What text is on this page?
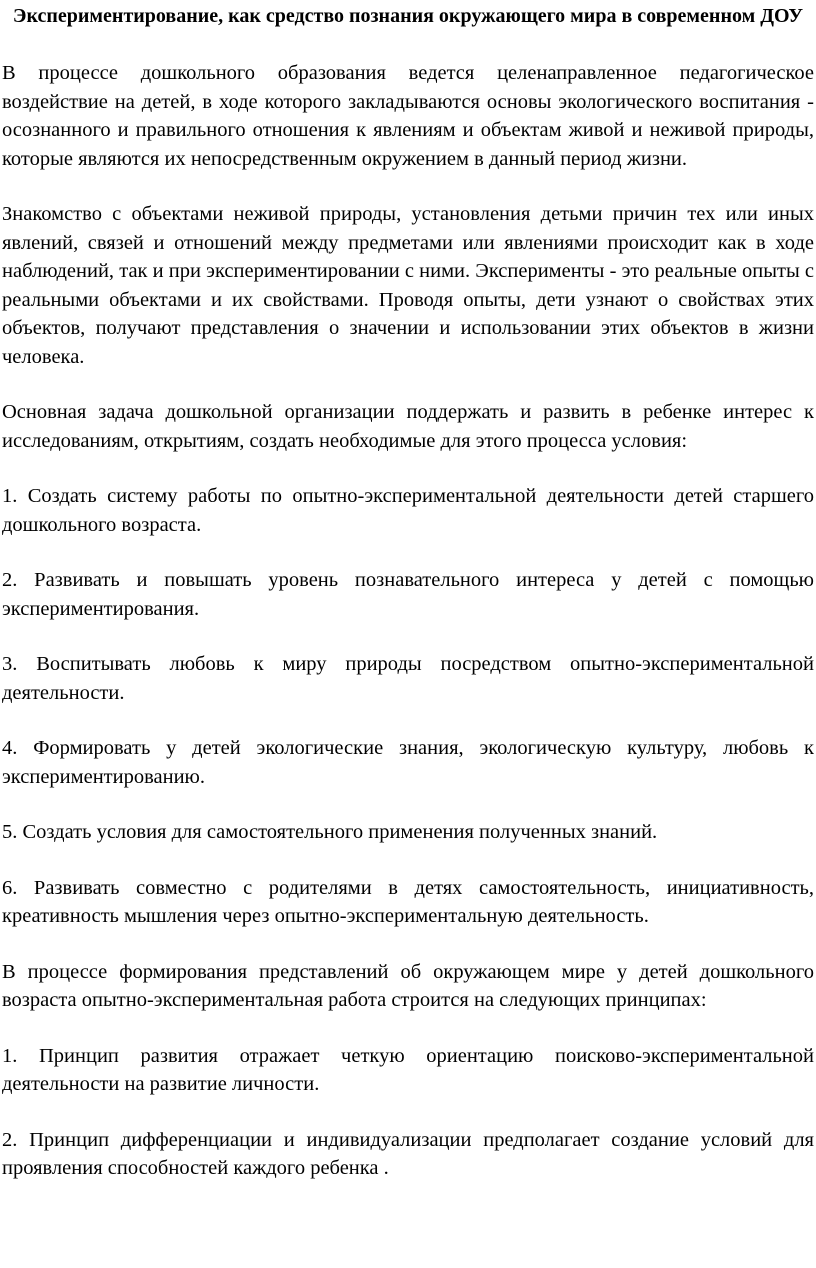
Экспериментирование, как средство познания окружающего мира в современном ДОУ

В процессе дошкольного образования ведется целенаправленное педагогическое воздействие на детей, в ходе которого закладываются основы экологического воспитания - осознанного и правильного отношения к явлениям и объектам живой и неживой природы, которые являются их непосредственным окружением в данный период жизни.

Знакомство с объектами неживой природы, установления детьми причин тех или иных явлений, связей и отношений между предметами или явлениями происходит как в ходе наблюдений, так и при экспериментировании с ними. Эксперименты - это реальные опыты с реальными объектами и их свойствами. Проводя опыты, дети узнают о свойствах этих объектов, получают представления о значении и использовании этих объектов в жизни человека.

Основная задача дошкольной организации поддержать и развить в ребенке интерес к исследованиям, открытиям, создать необходимые для этого процесса условия:

1. Создать систему работы по опытно-экспериментальной деятельности детей старшего дошкольного возраста.

2. Развивать и повышать уровень познавательного интереса у детей с помощью экспериментирования.

3. Воспитывать любовь к миру природы посредством опытно-экспериментальной деятельности.

4. Формировать у детей экологические знания, экологическую культуру, любовь к экспериментированию.

5. Создать условия для самостоятельного применения полученных знаний.

6. Развивать совместно с родителями в детях самостоятельность, инициативность, креативность мышления через опытно-экспериментальную деятельность.

В процессе формирования представлений об окружающем мире у детей дошкольного возраста опытно-экспериментальная работа строится на следующих принципах:

1. Принцип развития отражает четкую ориентацию поисково-экспериментальной деятельности на развитие личности.

2. Принцип дифференциации и индивидуализации предполагает создание условий для проявления способностей каждого ребенка .
